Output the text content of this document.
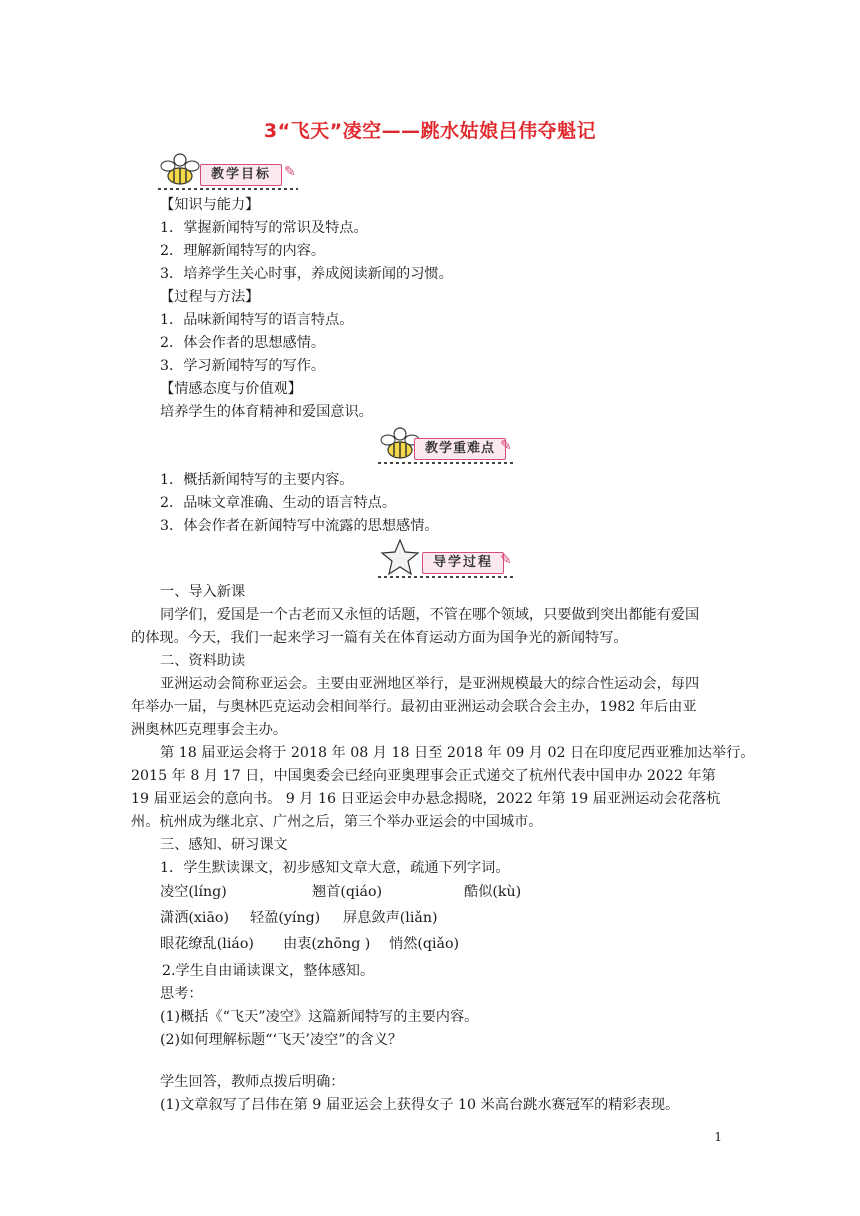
3“飞天”凌空——跳水姑娘吕伟夺魁记
教学目标 ✎
【知识与能力】
1．掌握新闻特写的常识及特点。
2．理解新闻特写的内容。
3．培养学生关心时事，养成阅读新闻的习惯。
【过程与方法】
1．品味新闻特写的语言特点。
2．体会作者的思想感情。
3．学习新闻特写的写作。
【情感态度与价值观】
培养学生的体育精神和爱国意识。
教学重难点 ✎
1．概括新闻特写的主要内容。
2．品味文章准确、生动的语言特点。
3．体会作者在新闻特写中流露的思想感情。
导学过程 ✎
一、导入新课
同学们，爱国是一个古老而又永恒的话题，不管在哪个领域，只要做到突出都能有爱国
的体现。今天，我们一起来学习一篇有关在体育运动方面为国争光的新闻特写。
二、资料助读
亚洲运动会简称亚运会。主要由亚洲地区举行，是亚洲规模最大的综合性运动会，每四
年举办一届，与奥林匹克运动会相间举行。最初由亚洲运动会联合会主办，1982 年后由亚
洲奥林匹克理事会主办。
第 18 届亚运会将于 2018 年 08 月 18 日至 2018 年 09 月 02 日在印度尼西亚雅加达举行。
2015 年 8 月 17 日，中国奥委会已经向亚奥理事会正式递交了杭州代表中国申办 2022 年第
19 届亚运会的意向书。 9 月 16 日亚运会申办悬念揭晓，2022 年第 19 届亚洲运动会花落杭
州。杭州成为继北京、广州之后，第三个举办亚运会的中国城市。
三、感知、研习课文
1．学生默读课文，初步感知文章大意，疏通下列字词。
凌空(líng)	翘首(qiáo)	酷似(kù)
潇洒(xiāo) 轻盈(yíng) 屏息敛声(liǎn)
眼花缭乱(liáo) 由衷(zhōng ) 悄然(qiǎo)
2.学生自由诵读课文，整体感知。
思考：
(1)概括《“飞天”凌空》这篇新闻特写的主要内容。
(2)如何理解标题“‘飞天’凌空”的含义？
学生回答，教师点拨后明确：
(1)文章叙写了吕伟在第 9 届亚运会上获得女子 10 米高台跳水赛冠军的精彩表现。
1
